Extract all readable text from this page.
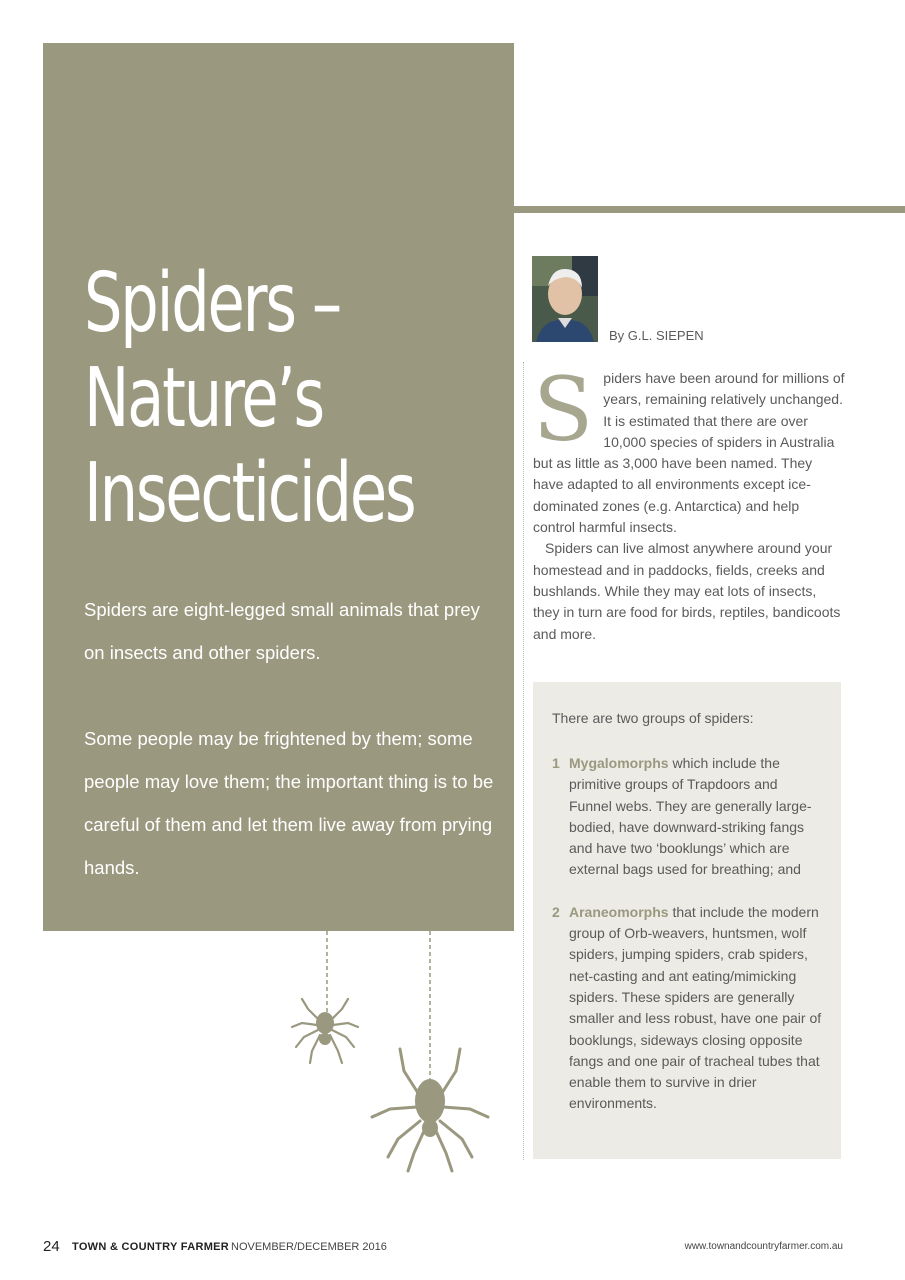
Spiders –
Nature’s
Insecticides

Spiders are eight-legged small animals that prey on insects and other spiders.

Some people may be frightened by them; some people may love them; the important thing is to be careful of them and let them live away from prying hands.

By G.L. SIEPEN

Spiders have been around for millions of years, remaining relatively unchanged. It is estimated that there are over 10,000 species of spiders in Australia but as little as 3,000 have been named. They have adapted to all environments except ice-dominated zones (e.g. Antarctica) and help control harmful insects.

Spiders can live almost anywhere around your homestead and in paddocks, fields, creeks and bushlands. While they may eat lots of insects, they in turn are food for birds, reptiles, bandicoots and more.

There are two groups of spiders:
1 Mygalomorphs which include the primitive groups of Trapdoors and Funnel webs. They are generally large-bodied, have downward-striking fangs and have two ‘booklungs’ which are external bags used for breathing; and
2 Araneomorphs that include the modern group of Orb-weavers, huntsmen, wolf spiders, jumping spiders, crab spiders, net-casting and ant eating/mimicking spiders. These spiders are generally smaller and less robust, have one pair of booklungs, sideways closing opposite fangs and one pair of tracheal tubes that enable them to survive in drier environments.
24 TOWN & COUNTRY FARMER NOVEMBER/DECEMBER 2016	www.townandcountryfarmer.com.au
